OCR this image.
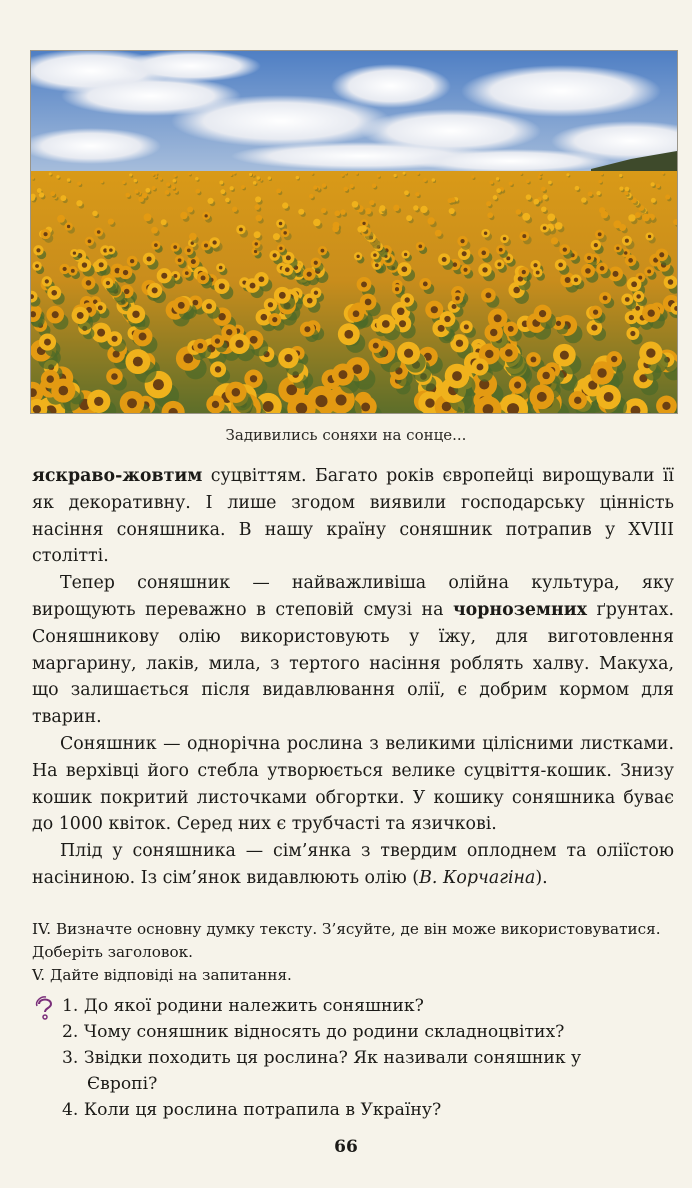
Задивились соняхи на сонце...

яскраво-жовтим суцвіттям. Багато років європейці вирощували її як декоративну. І лише згодом виявили господарську цінність насіння соняшника. В нашу країну соняшник потрапив у XVIII столітті.

Тепер соняшник — найважливіша олійна культура, яку вирощують переважно в степовій смузі на чорноземних ґрунтах. Соняшникову олію використовують у їжу, для виготовлення маргарину, лаків, мила, з тертого насіння роблять халву. Макуха, що залишається після видавлювання олії, є добрим кормом для тварин.

Соняшник — однорічна рослина з великими цілісними листками. На верхівці його стебла утворюється велике суцвіття-кошик. Знизу кошик покритий листочками обгортки. У кошику соняшника буває до 1000 квіток. Серед них є трубчасті та язичкові.

Плід у соняшника — сім’янка з твердим оплоднем та оліїстою насіниною. Із сім’янок видавлюють олію (В. Корчагіна).

IV. Визначте основну думку тексту. З’ясуйте, де він може використовуватися. Доберіть заголовок.

V. Дайте відповіді на запитання.

1. До якої родини належить соняшник?
2. Чому соняшник відносять до родини складноцвітих?
3. Звідки походить ця рослина? Як називали соняшник у
Європі?
4. Коли ця рослина потрапила в Україну?
66
